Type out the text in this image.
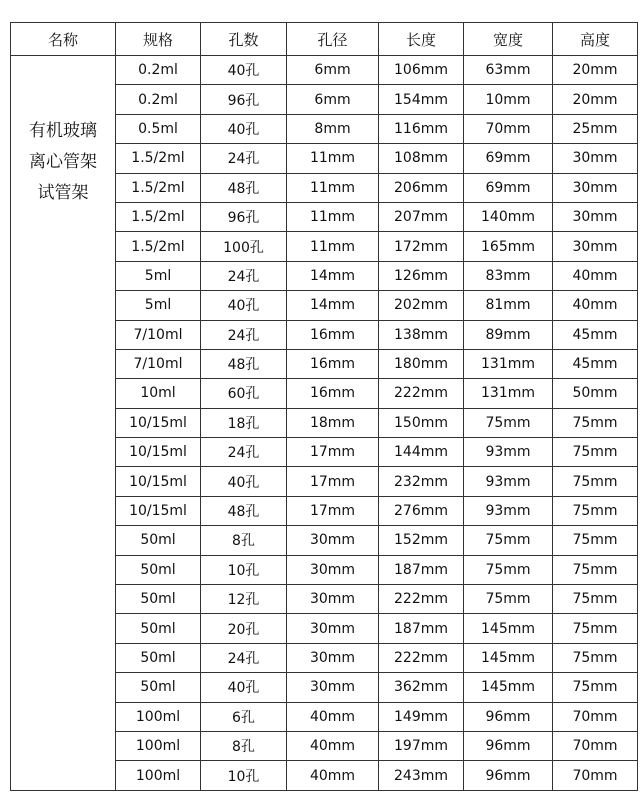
名称	规格	孔数	孔径	长度	宽度	高度

有机玻璃
离心管架
试管架	0.2ml	40孔	6mm	106mm	63mm	20mm
	0.2ml	96孔	6mm	154mm	10mm	20mm
	0.5ml	40孔	8mm	116mm	70mm	25mm
	1.5/2ml	24孔	11mm	108mm	69mm	30mm
	1.5/2ml	48孔	11mm	206mm	69mm	30mm
	1.5/2ml	96孔	11mm	207mm	140mm	30mm
	1.5/2ml	100孔	11mm	172mm	165mm	30mm
	5ml	24孔	14mm	126mm	83mm	40mm
	5ml	40孔	14mm	202mm	81mm	40mm
	7/10ml	24孔	16mm	138mm	89mm	45mm
	7/10ml	48孔	16mm	180mm	131mm	45mm
	10ml	60孔	16mm	222mm	131mm	50mm
	10/15ml	18孔	18mm	150mm	75mm	75mm
	10/15ml	24孔	17mm	144mm	93mm	75mm
	10/15ml	40孔	17mm	232mm	93mm	75mm
	10/15ml	48孔	17mm	276mm	93mm	75mm
	50ml	8孔	30mm	152mm	75mm	75mm
	50ml	10孔	30mm	187mm	75mm	75mm
	50ml	12孔	30mm	222mm	75mm	75mm
	50ml	20孔	30mm	187mm	145mm	75mm
	50ml	24孔	30mm	222mm	145mm	75mm
	50ml	40孔	30mm	362mm	145mm	75mm
	100ml	6孔	40mm	149mm	96mm	70mm
	100ml	8孔	40mm	197mm	96mm	70mm
	100ml	10孔	40mm	243mm	96mm	70mm
